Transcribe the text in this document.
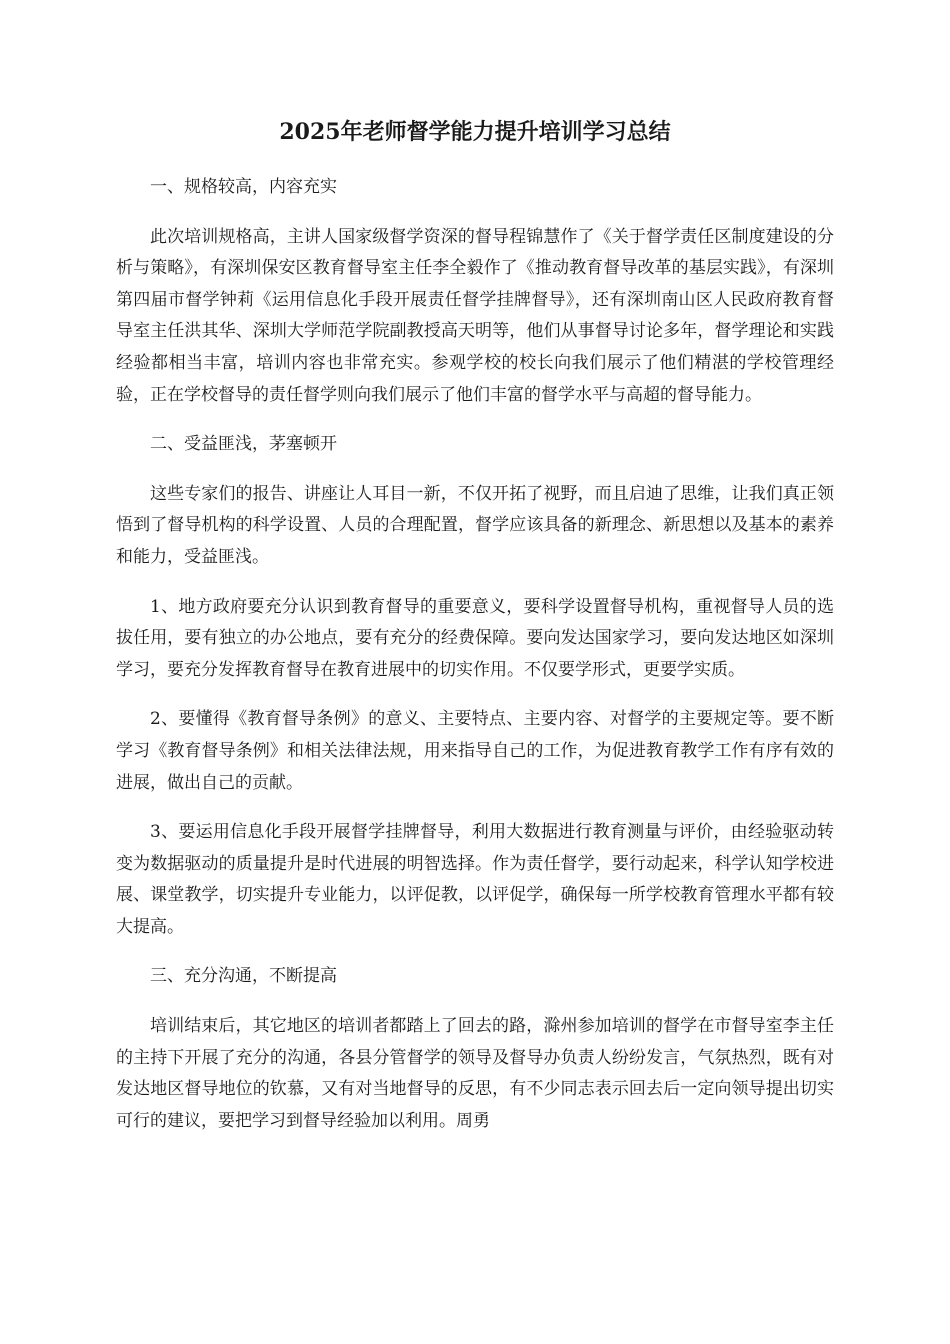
2025年老师督学能力提升培训学习总结

一、规格较高，内容充实

此次培训规格高，主讲人国家级督学资深的督导程锦慧作了《关于督学责任区制度建设的分析与策略》，有深圳保安区教育督导室主任李全毅作了《推动教育督导改革的基层实践》，有深圳第四届市督学钟莉《运用信息化手段开展责任督学挂牌督导》，还有深圳南山区人民政府教育督导室主任洪其华、深圳大学师范学院副教授高天明等，他们从事督导讨论多年，督学理论和实践经验都相当丰富，培训内容也非常充实。参观学校的校长向我们展示了他们精湛的学校管理经验，正在学校督导的责任督学则向我们展示了他们丰富的督学水平与高超的督导能力。

二、受益匪浅，茅塞顿开

这些专家们的报告、讲座让人耳目一新，不仅开拓了视野，而且启迪了思维，让我们真正领悟到了督导机构的科学设置、人员的合理配置，督学应该具备的新理念、新思想以及基本的素养和能力，受益匪浅。

1、地方政府要充分认识到教育督导的重要意义，要科学设置督导机构，重视督导人员的选拔任用，要有独立的办公地点，要有充分的经费保障。要向发达国家学习，要向发达地区如深圳学习，要充分发挥教育督导在教育进展中的切实作用。不仅要学形式，更要学实质。

2、要懂得《教育督导条例》的意义、主要特点、主要内容、对督学的主要规定等。要不断学习《教育督导条例》和相关法律法规，用来指导自己的工作，为促进教育教学工作有序有效的进展，做出自己的贡献。

3、要运用信息化手段开展督学挂牌督导，利用大数据进行教育测量与评价，由经验驱动转变为数据驱动的质量提升是时代进展的明智选择。作为责任督学，要行动起来，科学认知学校进展、课堂教学，切实提升专业能力，以评促教，以评促学，确保每一所学校教育管理水平都有较大提高。

三、充分沟通，不断提高

培训结束后，其它地区的培训者都踏上了回去的路，滁州参加培训的督学在市督导室李主任的主持下开展了充分的沟通，各县分管督学的领导及督导办负责人纷纷发言，气氛热烈，既有对发达地区督导地位的钦慕，又有对当地督导的反思，有不少同志表示回去后一定向领导提出切实可行的建议，要把学习到督导经验加以利用。周勇
